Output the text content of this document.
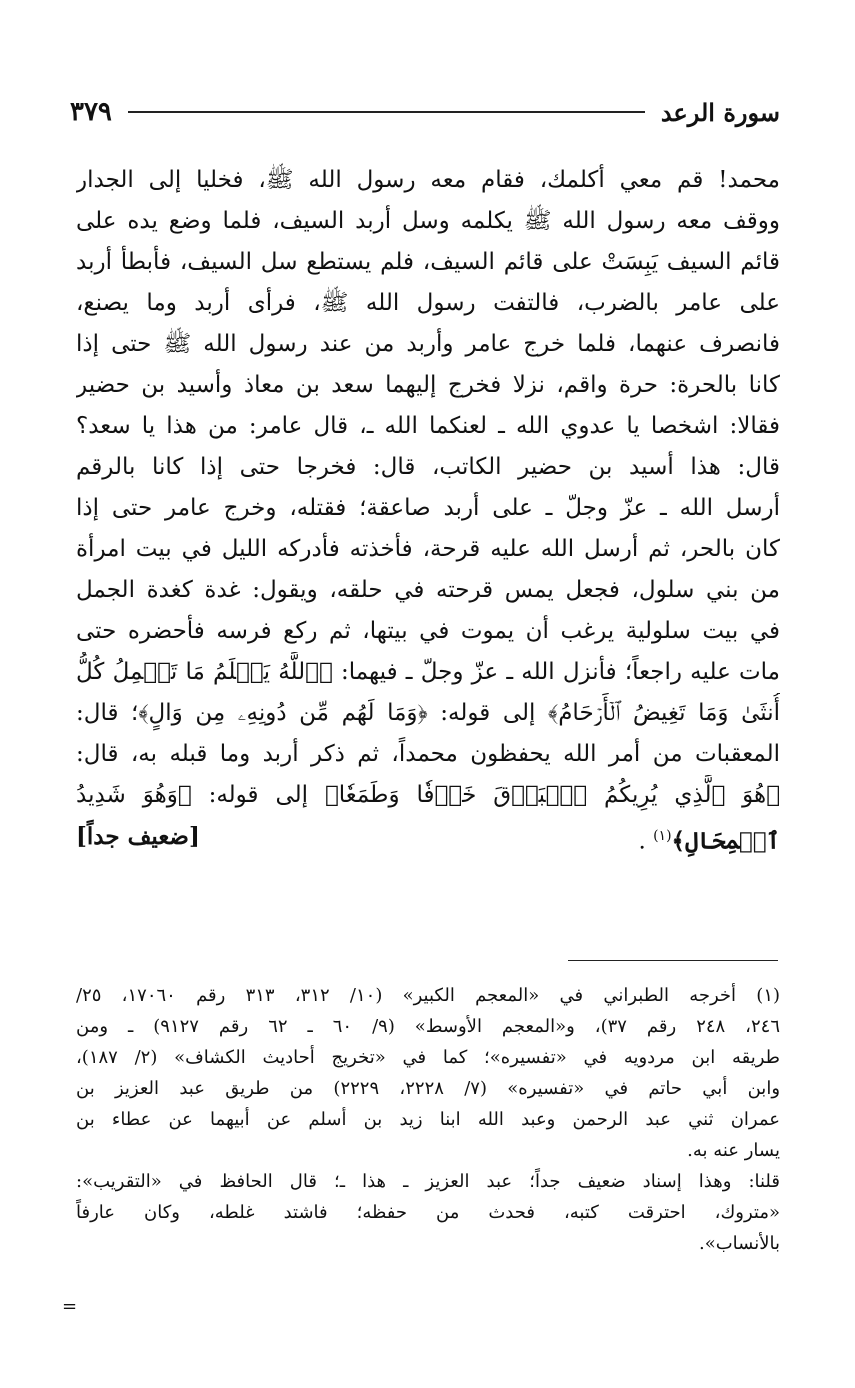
سورة الرعد
٣٧٩
محمد! قم معي أكلمك، فقام معه رسول الله ﷺ، فخليا إلى الجدار
ووقف معه رسول الله ﷺ يكلمه وسل أربد السيف، فلما وضع يده على
قائم السيف يَبِسَتْ على قائم السيف، فلم يستطع سل السيف، فأبطأ أربد
على عامر بالضرب، فالتفت رسول الله ﷺ، فرأى أربد وما يصنع،
فانصرف عنهما، فلما خرج عامر وأربد من عند رسول الله ﷺ حتى إذا
كانا بالحرة: حرة واقم، نزلا فخرج إليهما سعد بن معاذ وأسيد بن حضير
فقالا: اشخصا يا عدوي الله ـ لعنكما الله ـ، قال عامر: من هذا يا سعد؟
قال: هذا أسيد بن حضير الكاتب، قال: فخرجا حتى إذا كانا بالرقم
أرسل الله ـ عزّ وجلّ ـ على أربد صاعقة؛ فقتله، وخرج عامر حتى إذا
كان بالحر، ثم أرسل الله عليه قرحة، فأخذته فأدركه الليل في بيت امرأة
من بني سلول، فجعل يمس قرحته في حلقه، ويقول: غدة كغدة الجمل
في بيت سلولية يرغب أن يموت في بيتها، ثم ركع فرسه فأحضره حتى
مات عليه راجعاً؛ فأنزل الله ـ عزّ وجلّ ـ فيهما: ﴿ٱللَّهُ يَعۡلَمُ مَا تَحۡمِلُ كُلُّ
أُنثَىٰ وَمَا تَغِيضُ ٱلۡأَرۡحَامُ﴾ إلى قوله: ﴿وَمَا لَهُم مِّن دُونِهِۦ مِن وَالٍ﴾؛ قال:
المعقبات من أمر الله يحفظون محمداً، ثم ذكر أربد وما قبله به، قال:
﴿هُوَ ٱلَّذِي يُرِيكُمُ ٱلۡبَرۡقَ خَوۡفٗا وَطَمَعٗا﴾ إلى قوله: ﴿وَهُوَ شَدِيدُ
ٱلۡمِحَالِ﴾$^{(١)}$ .
[ضعيف جداً]
(١) أخرجه الطبراني في «المعجم الكبير» (١٠/ ٣١٢، ٣١٣ رقم ١٧٠٦٠، ٢٥/
٢٤٦، ٢٤٨ رقم ٣٧)، و«المعجم الأوسط» (٩/ ٦٠ ـ ٦٢ رقم ٩١٢٧) ـ ومن
طريقه ابن مردويه في «تفسيره»؛ كما في «تخريج أحاديث الكشاف» (٢/ ١٨٧)،
وابن أبي حاتم في «تفسيره» (٧/ ٢٢٢٨، ٢٢٢٩) من طريق عبد العزيز بن
عمران ثني عبد الرحمن وعبد الله ابنا زيد بن أسلم عن أبيهما عن عطاء بن
يسار عنه به.
قلنا: وهذا إسناد ضعيف جداً؛ عبد العزيز ـ هذا ـ؛ قال الحافظ في «التقريب»:
«متروك، احترقت كتبه، فحدث من حفظه؛ فاشتد غلطه، وكان عارفاً
بالأنساب».
=
